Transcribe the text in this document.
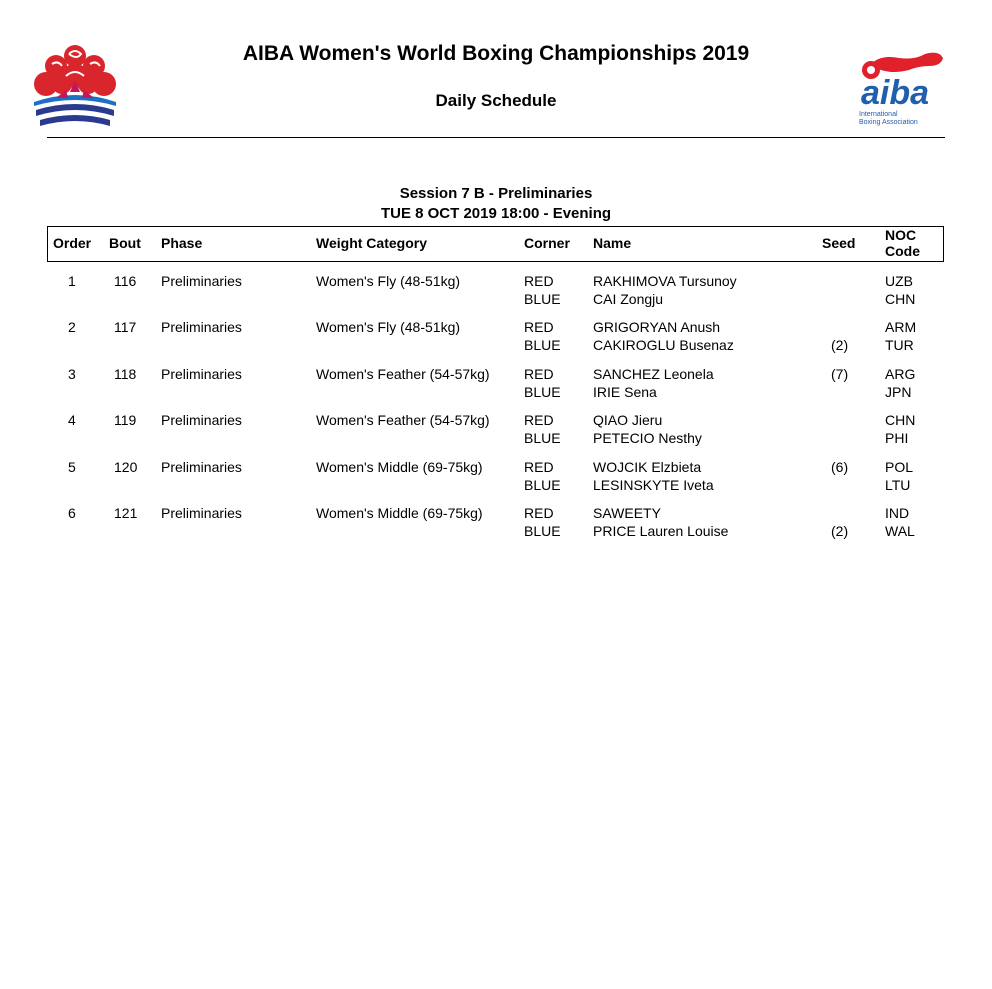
AIBA Women's World Boxing Championships 2019
Daily Schedule	aiba
International
Boxing Association
Session 7 B - Preliminaries
TUE 8 OCT 2019 18:00 - Evening
Order Bout Phase	Weight Category	Corner Name	Seed NOC
Code
1	116 Preliminaries	Women's Fly (48-51kg)	RED	RAKHIMOVA Tursunoy	UZB
BLUE CAI Zongju	CHN
2	117 Preliminaries	Women's Fly (48-51kg)	RED	GRIGORYAN Anush	ARM
BLUE CAKIROGLU Busenaz	(2)	TUR
3	118 Preliminaries	Women's Feather (54-57kg) RED	SANCHEZ Leonela	(7)	ARG
BLUE IRIE Sena	JPN
4	119 Preliminaries	Women's Feather (54-57kg) RED	QIAO Jieru	CHN
BLUE PETECIO Nesthy	PHI
5	120 Preliminaries	Women's Middle (69-75kg)	RED	WOJCIK Elzbieta	(6)	POL
BLUE LESINSKYTE Iveta	LTU
6	121 Preliminaries	Women's Middle (69-75kg)	RED	SAWEETY	IND
BLUE PRICE Lauren Louise	(2)	WAL
